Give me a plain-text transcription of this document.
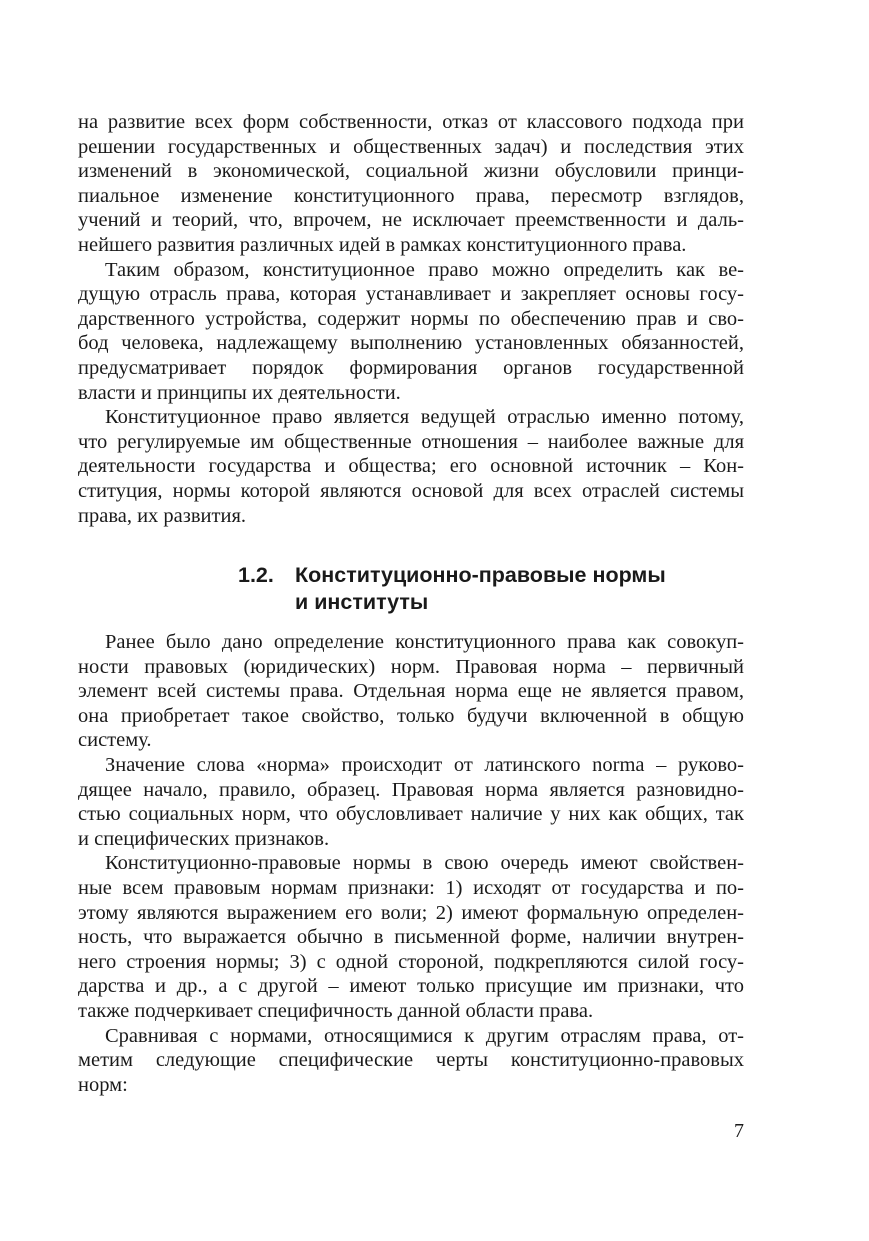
на развитие всех форм собственности, отказ от классового подхода при
решении государственных и общественных задач) и последствия этих
изменений в экономической, социальной жизни обусловили принци-
пиальное изменение конституционного права, пересмотр взглядов,
учений и теорий, что, впрочем, не исключает преемственности и даль-
нейшего развития различных идей в рамках конституционного права.

Таким образом, конституционное право можно определить как ве-
дущую отрасль права, которая устанавливает и закрепляет основы госу-
дарственного устройства, содержит нормы по обеспечению прав и сво-
бод человека, надлежащему выполнению установленных обязанностей,
предусматривает порядок формирования органов государственной
власти и принципы их деятельности.

Конституционное право является ведущей отраслью именно потому,
что регулируемые им общественные отношения – наиболее важные для
деятельности государства и общества; его основной источник – Кон-
ституция, нормы которой являются основой для всех отраслей системы
права, их развития.

1.2. Конституционно-правовые нормы
и институты

Ранее было дано определение конституционного права как совокуп-
ности правовых (юридических) норм. Правовая норма – первичный
элемент всей системы права. Отдельная норма еще не является правом,
она приобретает такое свойство, только будучи включенной в общую
систему.

Значение слова «норма» происходит от латинского norma – руково-
дящее начало, правило, образец. Правовая норма является разновидно-
стью социальных норм, что обусловливает наличие у них как общих, так
и специфических признаков.

Конституционно-правовые нормы в свою очередь имеют свойствен-
ные всем правовым нормам признаки: 1) исходят от государства и по-
этому являются выражением его воли; 2) имеют формальную определен-
ность, что выражается обычно в письменной форме, наличии внутрен-
него строения нормы; 3) с одной стороной, подкрепляются силой госу-
дарства и др., а с другой – имеют только присущие им признаки, что
также подчеркивает специфичность данной области права.

Сравнивая с нормами, относящимися к другим отраслям права, от-
метим следующие специфические черты конституционно-правовых
норм:

7
